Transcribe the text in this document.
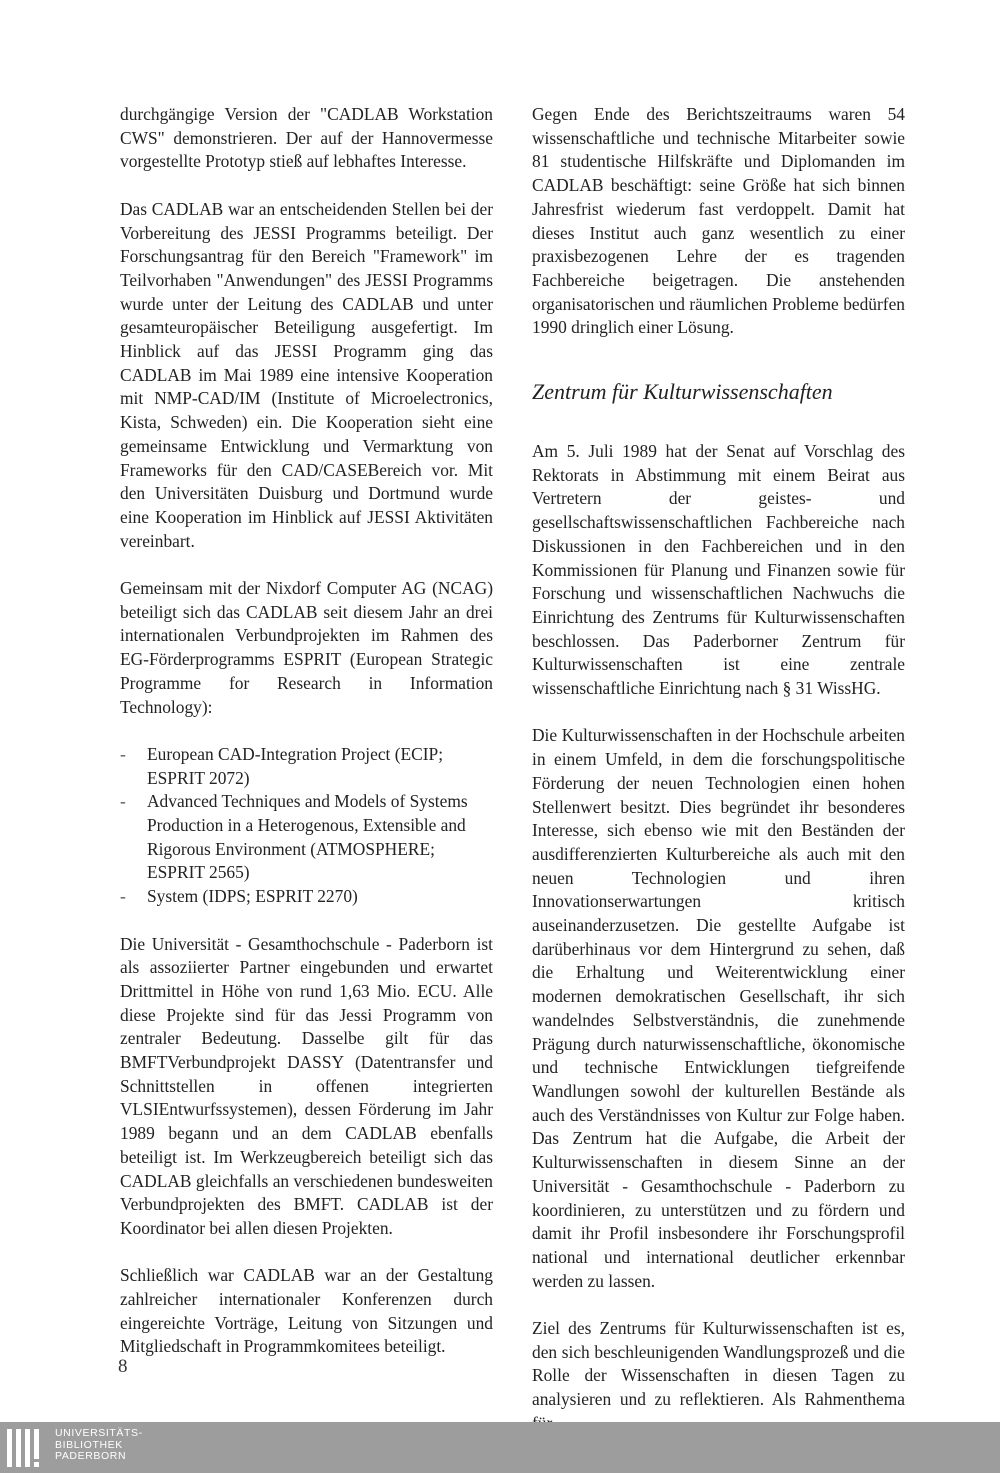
durchgängige Version der "CADLAB Workstation CWS" demonstrieren. Der auf der Hannovermesse vorgestellte Prototyp stieß auf lebhaftes Interesse.

Das CADLAB war an entscheidenden Stellen bei der Vorbereitung des JESSI Programms beteiligt. Der Forschungsantrag für den Bereich "Framework" im Teilvorhaben "Anwendungen" des JESSI Programms wurde unter der Leitung des CADLAB und unter gesamteuropäischer Beteiligung ausgefertigt. Im Hinblick auf das JESSI Programm ging das CADLAB im Mai 1989 eine intensive Kooperation mit NMP-CAD/IM (Institute of Microelectronics, Kista, Schweden) ein. Die Kooperation sieht eine gemeinsame Entwicklung und Vermarktung von Frameworks für den CAD/CASEBereich vor. Mit den Universitäten Duisburg und Dortmund wurde eine Kooperation im Hinblick auf JESSI Aktivitäten vereinbart.

Gemeinsam mit der Nixdorf Computer AG (NCAG) beteiligt sich das CADLAB seit diesem Jahr an drei internationalen Verbundprojekten im Rahmen des EG-Förderprogramms ESPRIT (European Strategic Programme for Research in Information Technology):

- European CAD-Integration Project (ECIP; ESPRIT 2072)
- Advanced Techniques and Models of Systems Production in a Heterogenous, Extensible and Rigorous Environment (ATMOSPHERE; ESPRIT 2565)
- System (IDPS; ESPRIT 2270)

Die Universität - Gesamthochschule - Paderborn ist als assoziierter Partner eingebunden und erwartet Drittmittel in Höhe von rund 1,63 Mio. ECU. Alle diese Projekte sind für das Jessi Programm von zentraler Bedeutung. Dasselbe gilt für das BMFTVerbundprojekt DASSY (Datentransfer und Schnittstellen in offenen integrierten VLSIEntwurfssystemen), dessen Förderung im Jahr 1989 begann und an dem CADLAB ebenfalls beteiligt ist. Im Werkzeugbereich beteiligt sich das CADLAB gleichfalls an verschiedenen bundesweiten Verbundprojekten des BMFT. CADLAB ist der Koordinator bei allen diesen Projekten.

Schließlich war CADLAB war an der Gestaltung zahlreicher internationaler Konferenzen durch eingereichte Vorträge, Leitung von Sitzungen und Mitgliedschaft in Programmkomitees beteiligt.

Gegen Ende des Berichtszeitraums waren 54 wissenschaftliche und technische Mitarbeiter sowie 81 studentische Hilfskräfte und Diplomanden im CADLAB beschäftigt: seine Größe hat sich binnen Jahresfrist wiederum fast verdoppelt. Damit hat dieses Institut auch ganz wesentlich zu einer praxisbezogenen Lehre der es tragenden Fachbereiche beigetragen. Die anstehenden organisatorischen und räumlichen Probleme bedürfen 1990 dringlich einer Lösung.

Zentrum für Kulturwissenschaften

Am 5. Juli 1989 hat der Senat auf Vorschlag des Rektorats in Abstimmung mit einem Beirat aus Vertretern der geistes- und gesellschaftswissenschaftlichen Fachbereiche nach Diskussionen in den Fachbereichen und in den Kommissionen für Planung und Finanzen sowie für Forschung und wissenschaftlichen Nachwuchs die Einrichtung des Zentrums für Kulturwissenschaften beschlossen. Das Paderborner Zentrum für Kulturwissenschaften ist eine zentrale wissenschaftliche Einrichtung nach § 31 WissHG.

Die Kulturwissenschaften in der Hochschule arbeiten in einem Umfeld, in dem die forschungspolitische Förderung der neuen Technologien einen hohen Stellenwert besitzt. Dies begründet ihr besonderes Interesse, sich ebenso wie mit den Beständen der ausdifferenzierten Kulturbereiche als auch mit den neuen Technologien und ihren Innovationserwartungen kritisch auseinanderzusetzen. Die gestellte Aufgabe ist darüberhinaus vor dem Hintergrund zu sehen, daß die Erhaltung und Weiterentwicklung einer modernen demokratischen Gesellschaft, ihr sich wandelndes Selbstverständnis, die zunehmende Prägung durch naturwissenschaftliche, ökonomische und technische Entwicklungen tiefgreifende Wandlungen sowohl der kulturellen Bestände als auch des Verständnisses von Kultur zur Folge haben. Das Zentrum hat die Aufgabe, die Arbeit der Kulturwissenschaften in diesem Sinne an der Universität - Gesamthochschule - Paderborn zu koordinieren, zu unterstützen und zu fördern und damit ihr Profil insbesondere ihr Forschungsprofil national und international deutlicher erkennbar werden zu lassen.

Ziel des Zentrums für Kulturwissenschaften ist es, den sich beschleunigenden Wandlungsprozeß und die Rolle der Wissenschaften in diesen Tagen zu analysieren und zu reflektieren. Als Rahmenthema

8
UNIVERSITÄTS-
BIBLIOTHEK
PADERBORN
